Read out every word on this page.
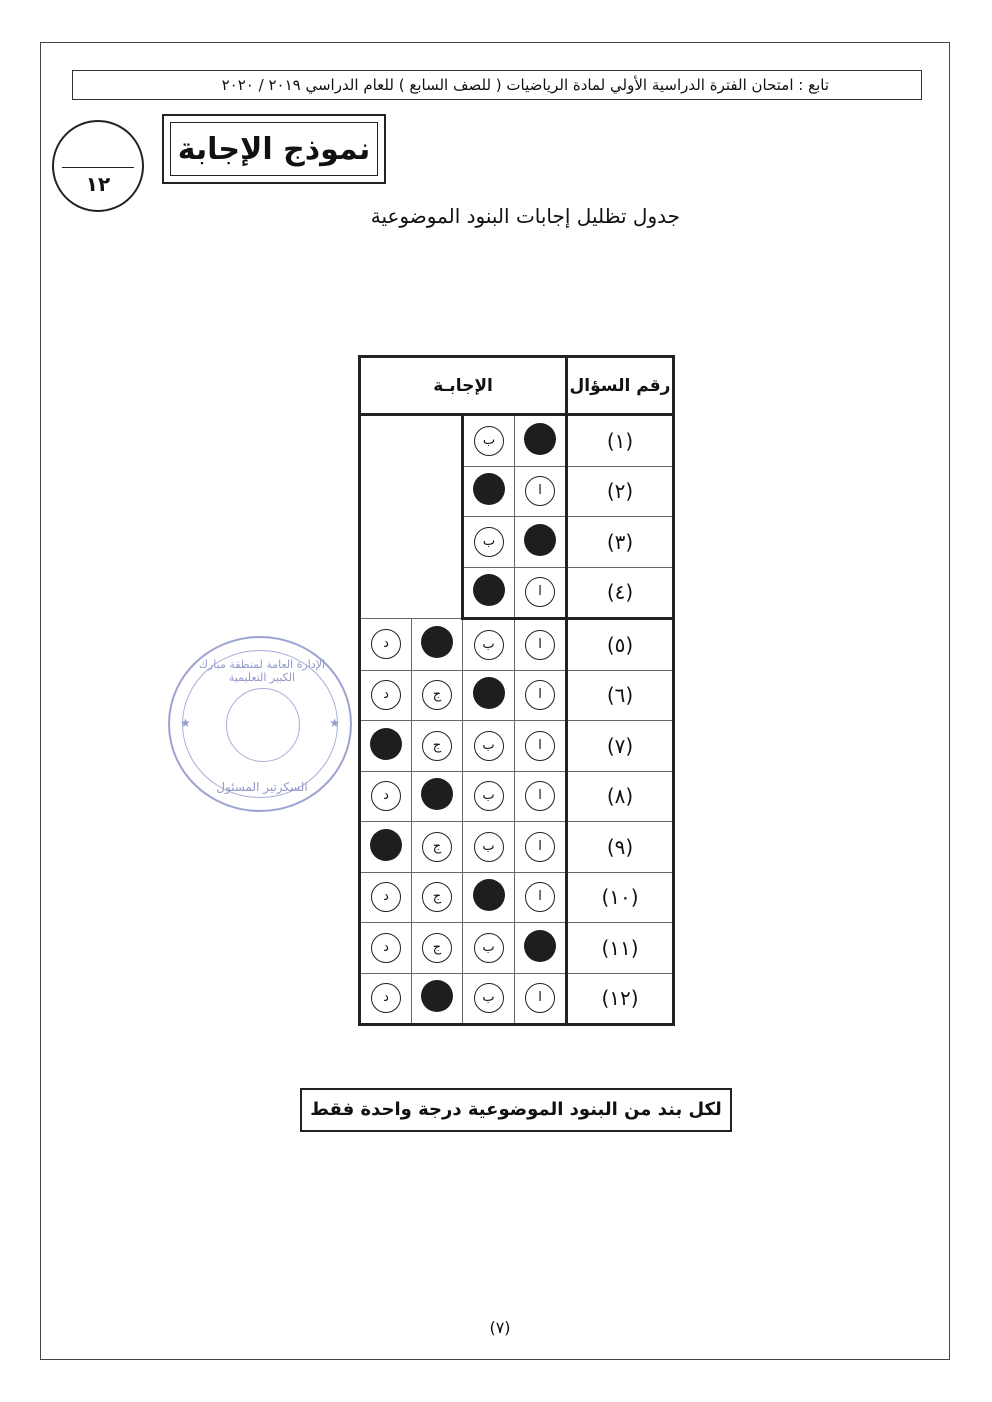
تابع : امتحان الفترة الدراسية الأولي لمادة الرياضيات ( للصف السابع ) للعام الدراسي ٢٠١٩ / ٢٠٢٠
١٢
نموذج الإجابة
جدول تظليل إجابات البنود الموضوعية
الإجابـة				رقم السؤال
		ب		(١)
			ا	(٢)
		ب		(٣)
			ا	(٤)
د		ب	ا	(٥)
د	ج		ا	(٦)
	ج	ب	ا	(٧)
د		ب	ا	(٨)
	ج	ب	ا	(٩)
د	ج		ا	(١٠)
د	ج	ب		(١١)
د		ب	ا	(١٢)
الإدارة العامة لمنطقة مبارك الكبير التعليمية
السكرتير المسئول
★	★
لكل بند من البنود الموضوعية درجة واحدة فقط
(٧)
